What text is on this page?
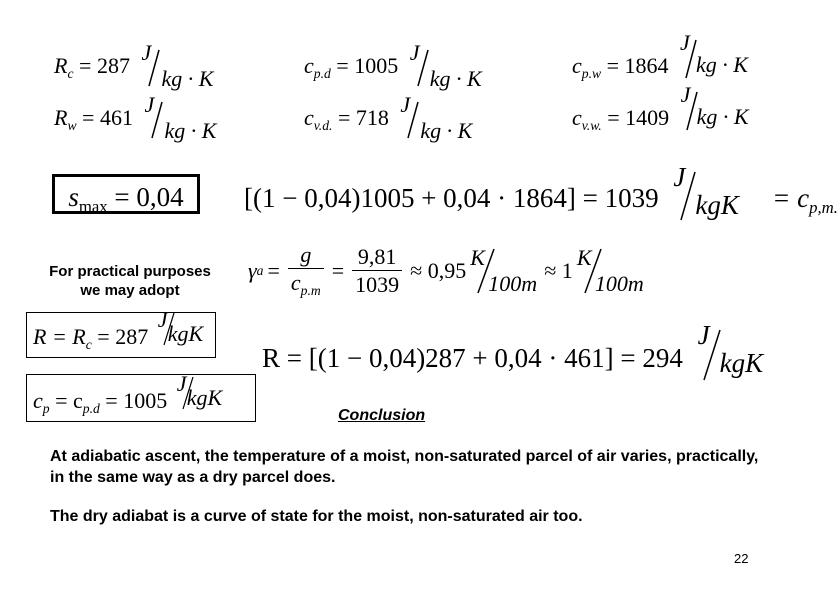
$R_c = 287$
J
kg · K
$R_w = 461$
J
kg · K
$c_{p.d} = 1005$
J
kg · K
$c_{v.d.} = 718$
J
kg · K
$c_{p.w} = 1864$
J
kg · K
$c_{v.w.} = 1409$
J
kg · K
$s_{max} = 0,04$	[(1 − 0,04)1005 + 0,04 · 1864] = 1039
J
kgK = $c_{p,m.}$
For practical purposes
we may adopt
γ $a = \frac{g}{c_{p.m}} = \frac{9,81}{1039} \approx 0,95$
K
100m
≈ 1
K
100m
$R = R_c = 287$
J
kgK
R = [(1 − 0,04)287 + 0,04 · 461] = 294
J
kgK
$c_p = c_{p.d} = 1005$
J
kgK
Conclusion
At adiabatic ascent, the temperature of a moist, non-saturated parcel of air varies, practically, in the same way as a dry parcel does.
The dry adiabat is a curve of state for the moist, non-saturated air too.
22
